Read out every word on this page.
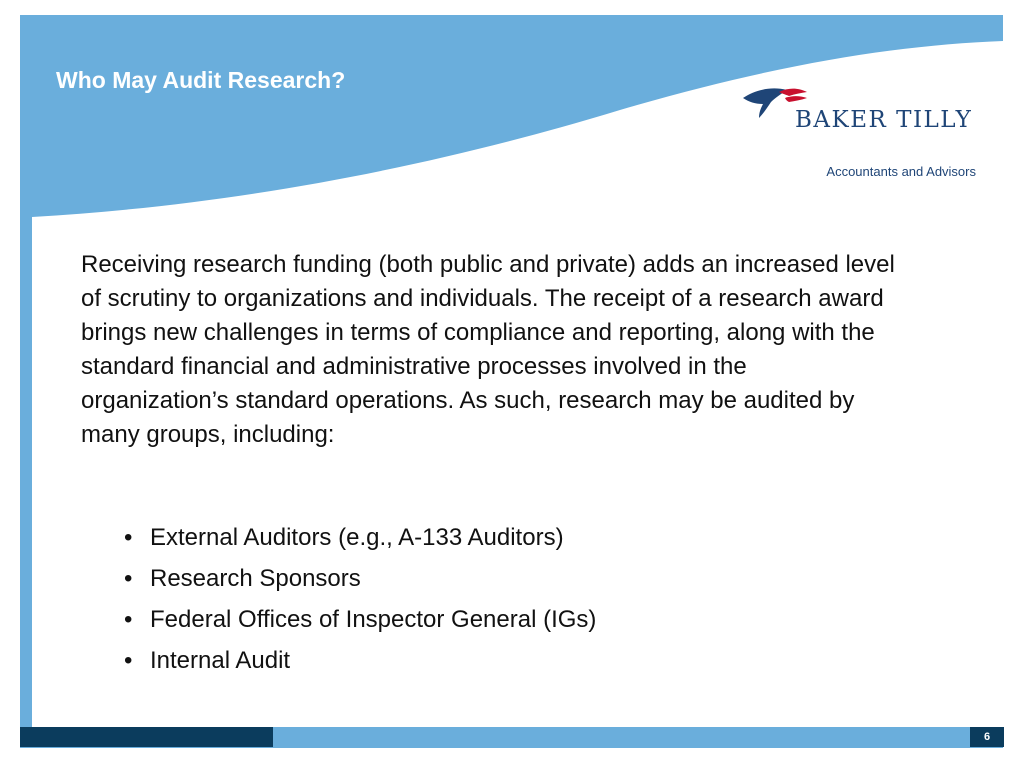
Who May Audit Research?
BAKER TILLY
Accountants and Advisors

Receiving research funding (both public and private) adds an increased level of scrutiny to organizations and individuals. The receipt of a research award brings new challenges in terms of compliance and reporting, along with the standard financial and administrative processes involved in the organization’s standard operations. As such, research may be audited by many groups, including:

• External Auditors (e.g., A-133 Auditors)
• Research Sponsors
• Federal Offices of Inspector General (IGs)
• Internal Audit
6
